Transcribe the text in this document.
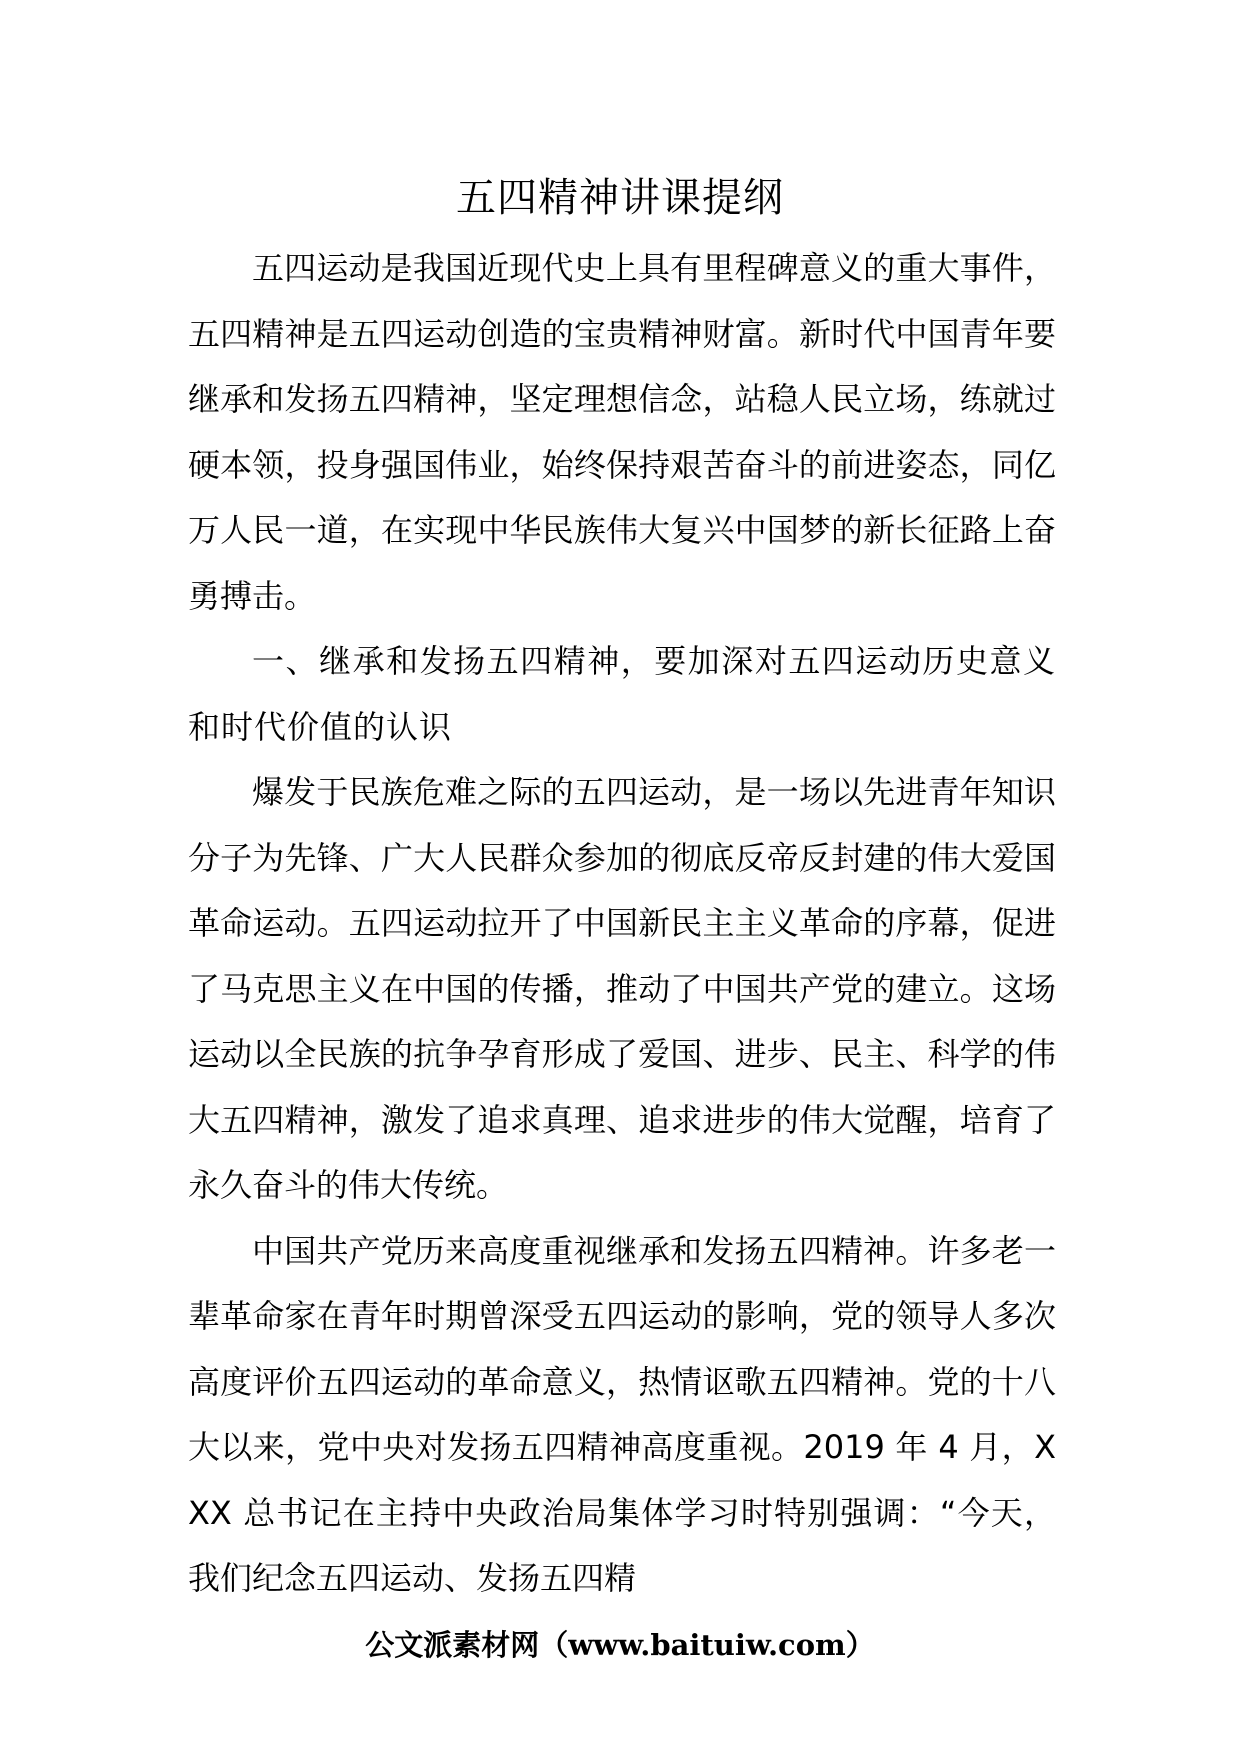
五四精神讲课提纲

五四运动是我国近现代史上具有里程碑意义的重大事件，五四精神是五四运动创造的宝贵精神财富。新时代中国青年要继承和发扬五四精神，坚定理想信念，站稳人民立场，练就过硬本领，投身强国伟业，始终保持艰苦奋斗的前进姿态，同亿万人民一道，在实现中华民族伟大复兴中国梦的新长征路上奋勇搏击。

一、继承和发扬五四精神，要加深对五四运动历史意义和时代价值的认识

爆发于民族危难之际的五四运动，是一场以先进青年知识分子为先锋、广大人民群众参加的彻底反帝反封建的伟大爱国革命运动。五四运动拉开了中国新民主主义革命的序幕，促进了马克思主义在中国的传播，推动了中国共产党的建立。这场运动以全民族的抗争孕育形成了爱国、进步、民主、科学的伟大五四精神，激发了追求真理、追求进步的伟大觉醒，培育了永久奋斗的伟大传统。

中国共产党历来高度重视继承和发扬五四精神。许多老一辈革命家在青年时期曾深受五四运动的影响，党的领导人多次高度评价五四运动的革命意义，热情讴歌五四精神。党的十八大以来，党中央对发扬五四精神高度重视。2019 年 4 月，XXX 总书记在主持中央政治局集体学习时特别强调：“今天，我们纪念五四运动、发扬五四精

公文派素材网（www.baituiw.com）
